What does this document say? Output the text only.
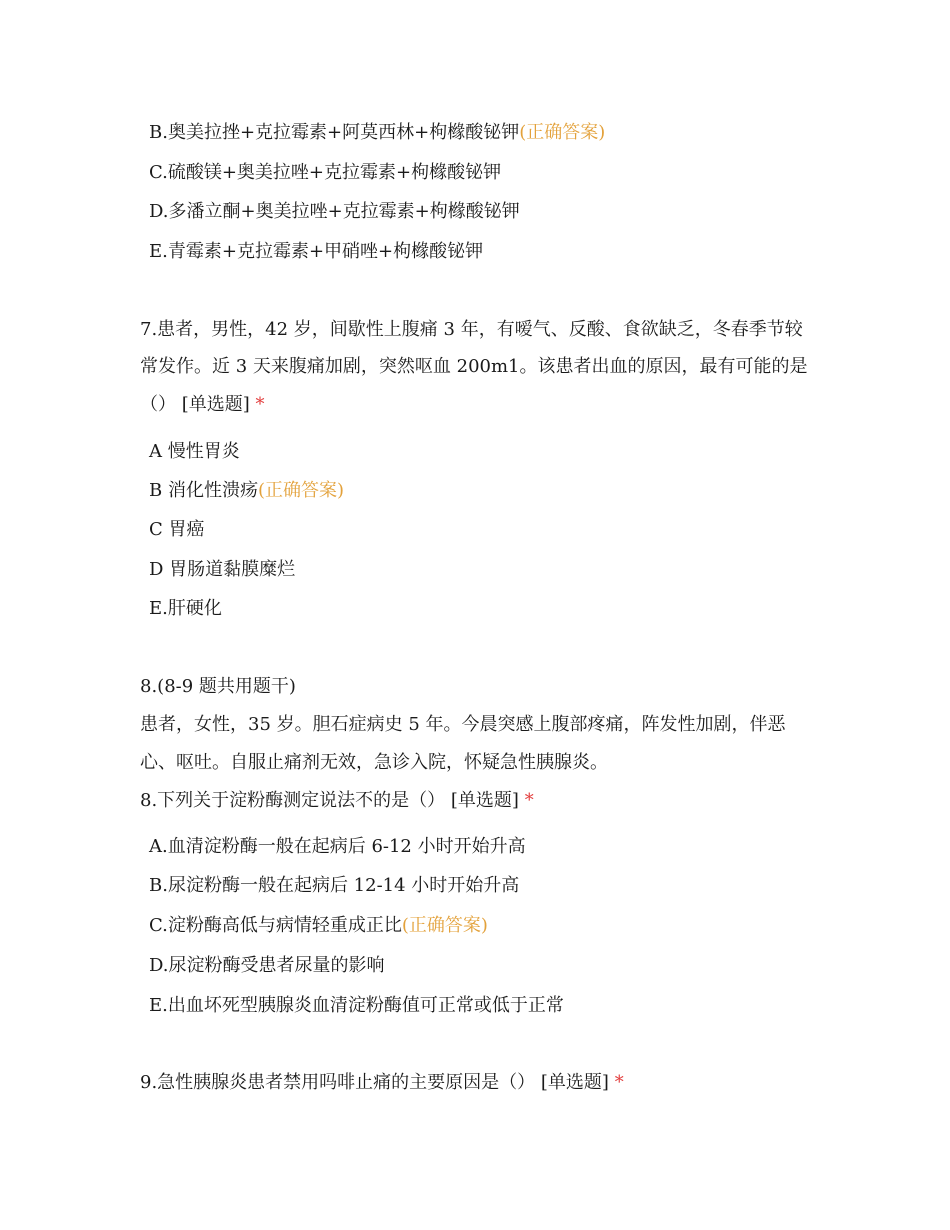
B.奥美拉挫+克拉霉素+阿莫西林+枸橼酸铋钾(正确答案)
C.硫酸镁+奥美拉唑+克拉霉素+枸橼酸铋钾
D.多潘立酮+奥美拉唑+克拉霉素+枸橼酸铋钾
E.青霉素+克拉霉素+甲硝唑+枸橼酸铋钾
7.患者，男性，42 岁，间歇性上腹痛 3 年，有嗳气、反酸、食欲缺乏，冬春季节较
常发作。近 3 天来腹痛加剧，突然呕血 200m1。该患者出血的原因，最有可能的是
（） [单选题] *
A 慢性胃炎
B 消化性溃疡(正确答案)
C 胃癌
D 胃肠道黏膜糜烂
E.肝硬化
8.(8-9 题共用题干)
患者，女性，35 岁。胆石症病史 5 年。今晨突感上腹部疼痛，阵发性加剧，伴恶
心、呕吐。自服止痛剂无效，急诊入院，怀疑急性胰腺炎。
8.下列关于淀粉酶测定说法不的是（） [单选题] *
A.血清淀粉酶一般在起病后 6-12 小时开始升高
B.尿淀粉酶一般在起病后 12-14 小时开始升高
C.淀粉酶高低与病情轻重成正比(正确答案)
D.尿淀粉酶受患者尿量的影响
E.出血坏死型胰腺炎血清淀粉酶值可正常或低于正常
9.急性胰腺炎患者禁用吗啡止痛的主要原因是（） [单选题] *
